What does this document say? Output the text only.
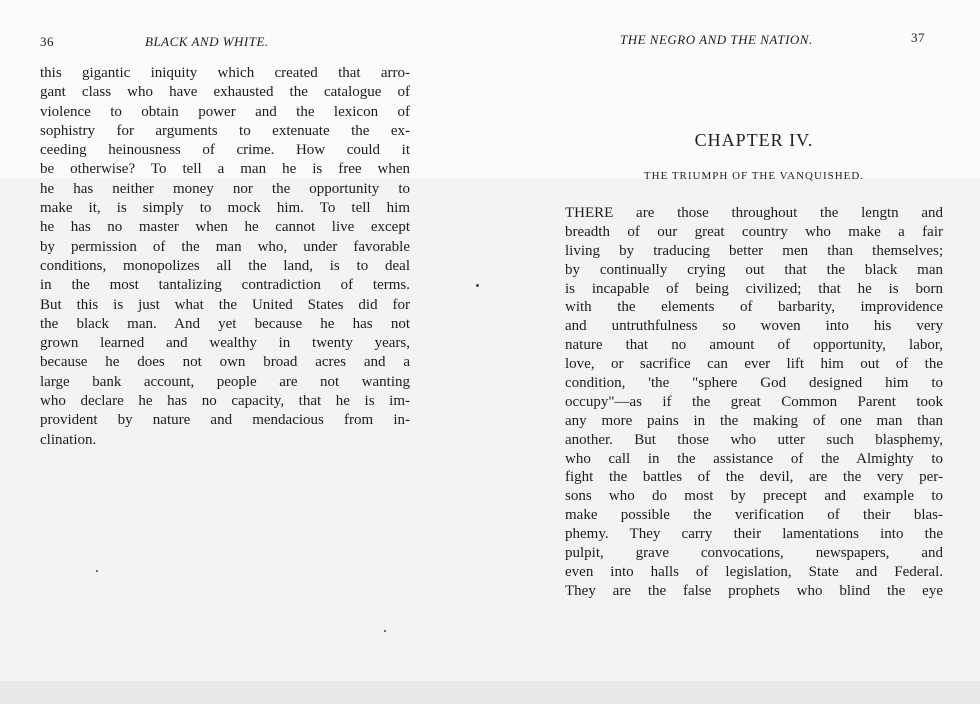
36	BLACK AND WHITE.
this gigantic iniquity which created that arro-
gant class who have exhausted the catalogue of
violence to obtain power and the lexicon of
sophistry for arguments to extenuate the ex-
ceeding heinousness of crime. How could it
be otherwise? To tell a man he is free when
he has neither money nor the opportunity to
make it, is simply to mock him. To tell him
he has no master when he cannot live except
by permission of the man who, under favorable
conditions, monopolizes all the land, is to deal
in the most tantalizing contradiction of terms.
But this is just what the United States did for
the black man. And yet because he has not
grown learned and wealthy in twenty years,
because he does not own broad acres and a
large bank account, people are not wanting
who declare he has no capacity, that he is im-
provident by nature and mendacious from in-
clination.
THE NEGRO AND THE NATION.	37
CHAPTER IV.
THE TRIUMPH OF THE VANQUISHED.
THERE are those throughout the lengtn and
breadth of our great country who make a fair
living by traducing better men than themselves;
by continually crying out that the black man
is incapable of being civilized; that he is born
with the elements of barbarity, improvidence
and untruthfulness so woven into his very
nature that no amount of opportunity, labor,
love, or sacrifice can ever lift him out of the
condition, 'the "sphere God designed him to
occupy"—as if the great Common Parent took
any more pains in the making of one man than
another. But those who utter such blasphemy,
who call in the assistance of the Almighty to
fight the battles of the devil, are the very per-
sons who do most by precept and example to
make possible the verification of their blas-
phemy. They carry their lamentations into the
pulpit, grave convocations, newspapers, and
even into halls of legislation, State and Federal.
They are the false prophets who blind the eye
